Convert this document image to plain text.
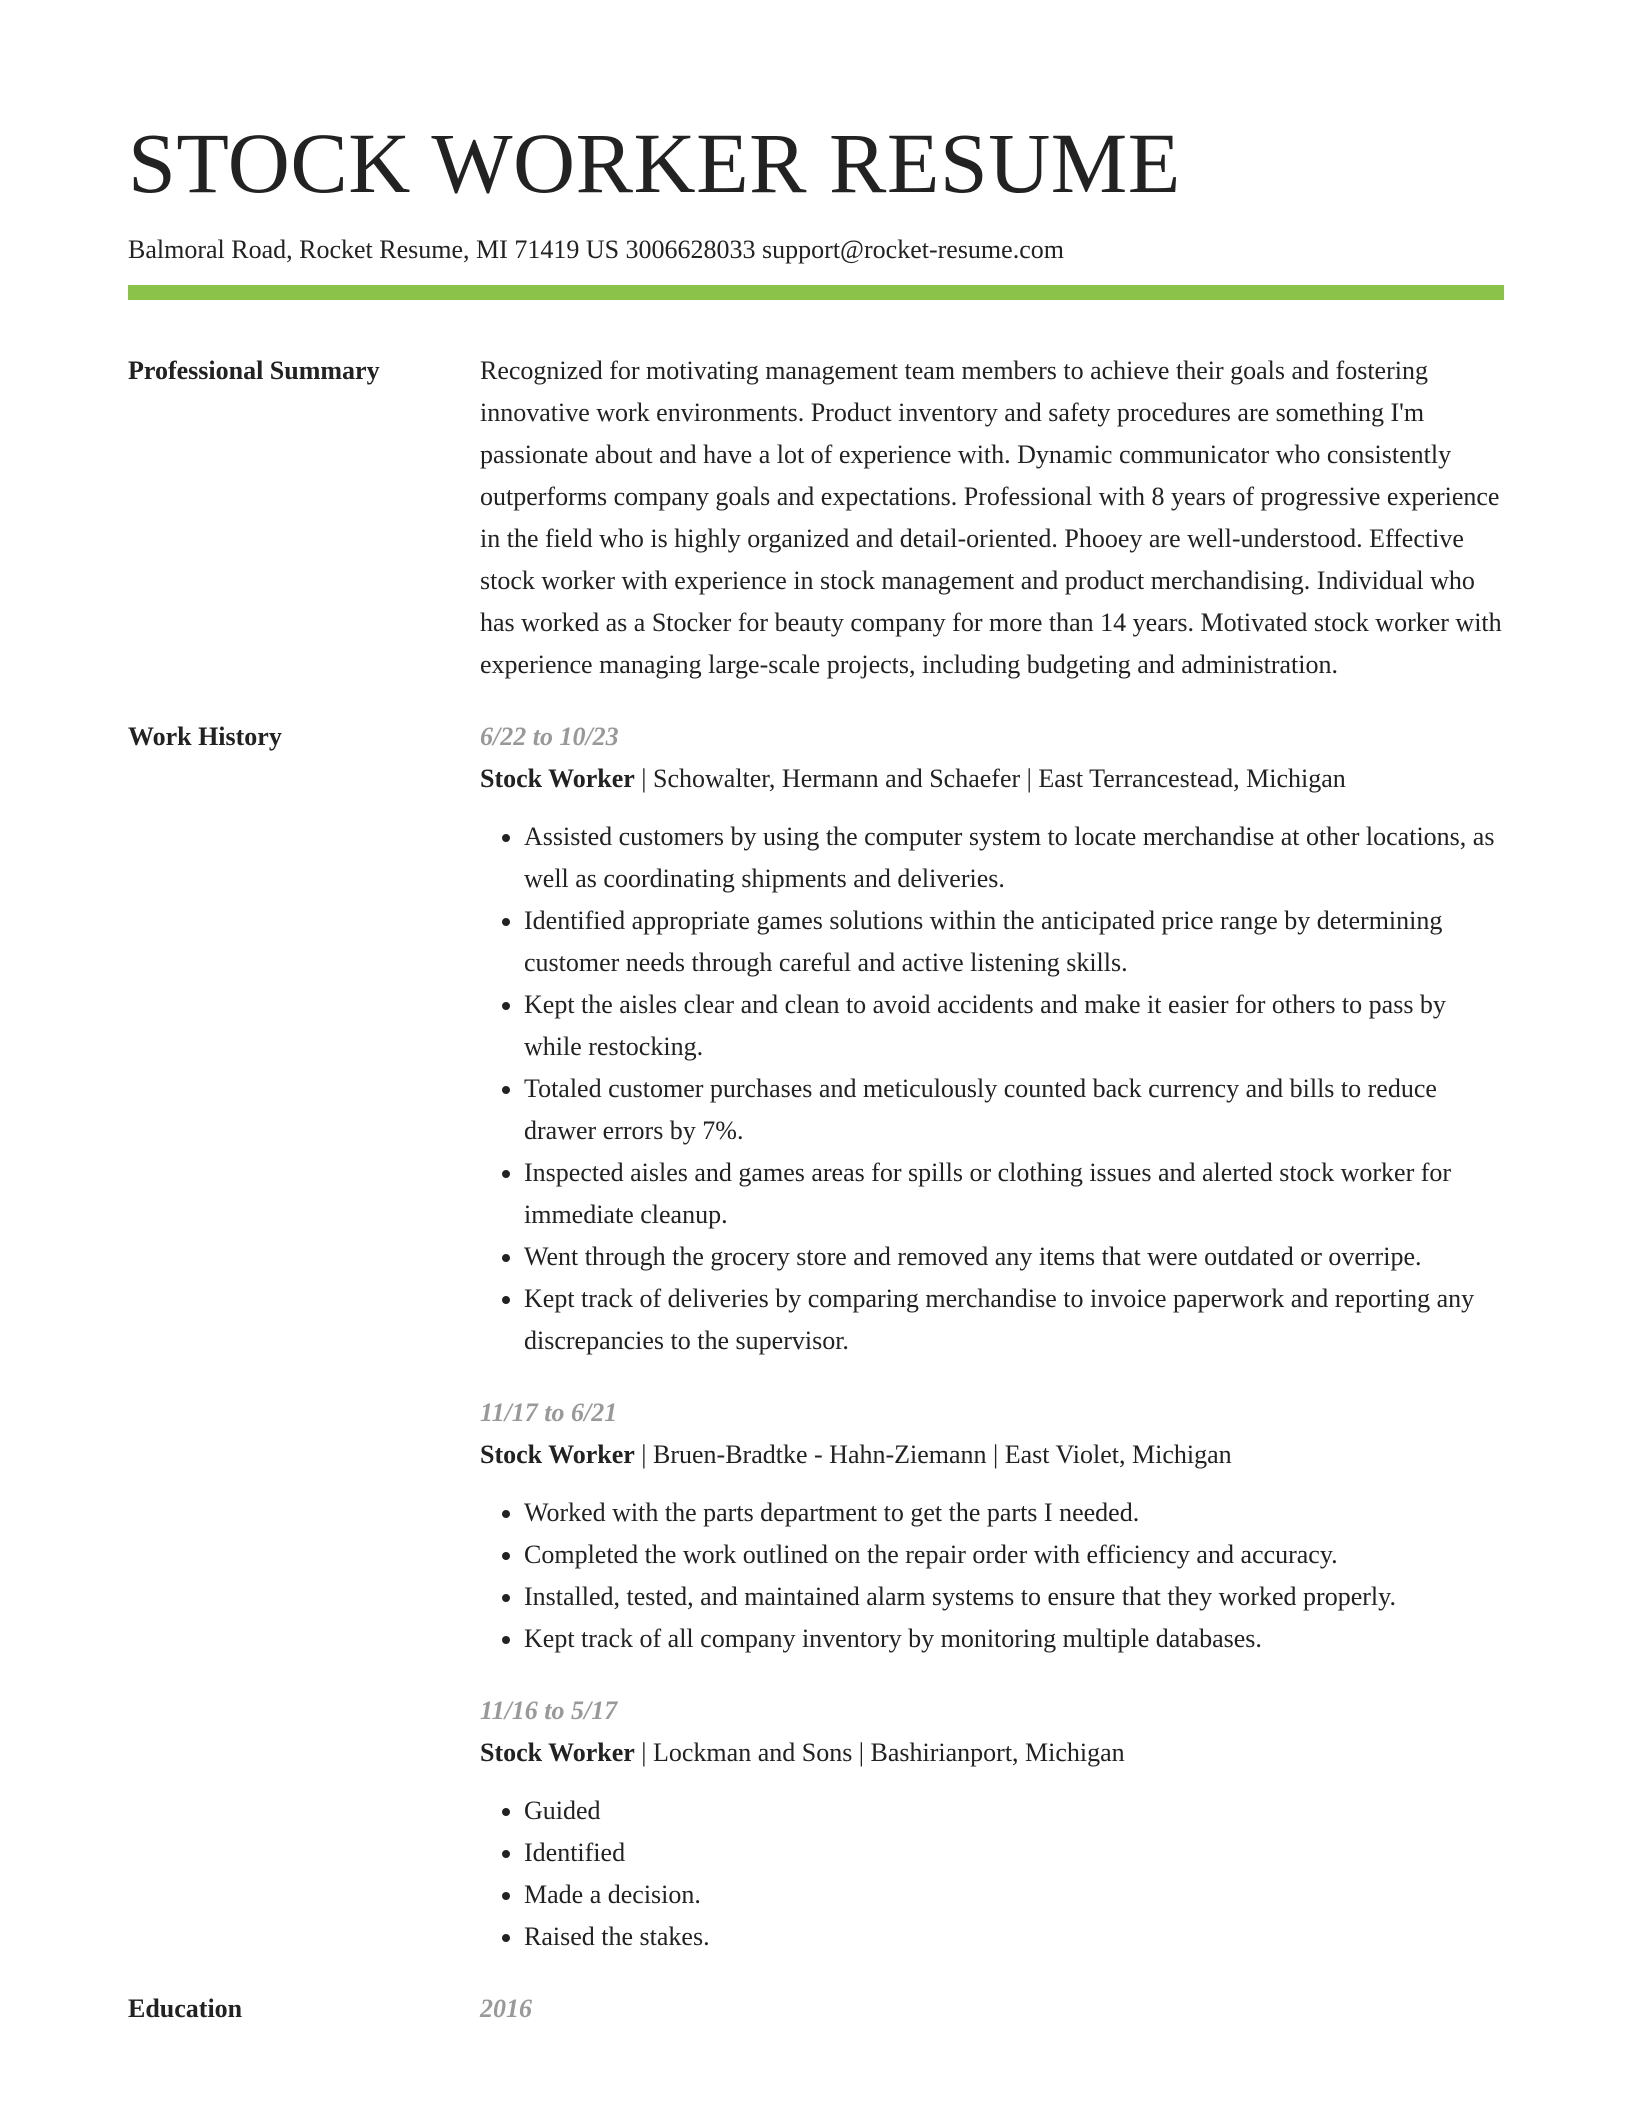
STOCK WORKER RESUME
Balmoral Road, Rocket Resume, MI 71419 US 3006628033 support@rocket-resume.com
Professional Summary	Recognized for motivating management team members to achieve their goals and fostering innovative work environments. Product inventory and safety procedures are something I'm passionate about and have a lot of experience with. Dynamic communicator who consistently outperforms company goals and expectations. Professional with 8 years of progressive experience in the field who is highly organized and detail-oriented. Phooey are well-understood. Effective stock worker with experience in stock management and product merchandising. Individual who has worked as a Stocker for beauty company for more than 14 years. Motivated stock worker with experience managing large-scale projects, including budgeting and administration.

Work History	6/22 to 10/23
Stock Worker | Schowalter, Hermann and Schaefer | East Terrancestead, Michigan
• Assisted customers by using the computer system to locate merchandise at other locations, as well as coordinating shipments and deliveries.
• Identified appropriate games solutions within the anticipated price range by determining customer needs through careful and active listening skills.
• Kept the aisles clear and clean to avoid accidents and make it easier for others to pass by while restocking.
• Totaled customer purchases and meticulously counted back currency and bills to reduce drawer errors by 7%.
• Inspected aisles and games areas for spills or clothing issues and alerted stock worker for immediate cleanup.
• Went through the grocery store and removed any items that were outdated or overripe.
• Kept track of deliveries by comparing merchandise to invoice paperwork and reporting any discrepancies to the supervisor.
11/17 to 6/21
Stock Worker | Bruen-Bradtke - Hahn-Ziemann | East Violet, Michigan
• Worked with the parts department to get the parts I needed.
• Completed the work outlined on the repair order with efficiency and accuracy.
• Installed, tested, and maintained alarm systems to ensure that they worked properly.
• Kept track of all company inventory by monitoring multiple databases.
11/16 to 5/17
Stock Worker | Lockman and Sons | Bashirianport, Michigan
• Guided
• Identified
• Made a decision.
• Raised the stakes.
Education	2016
